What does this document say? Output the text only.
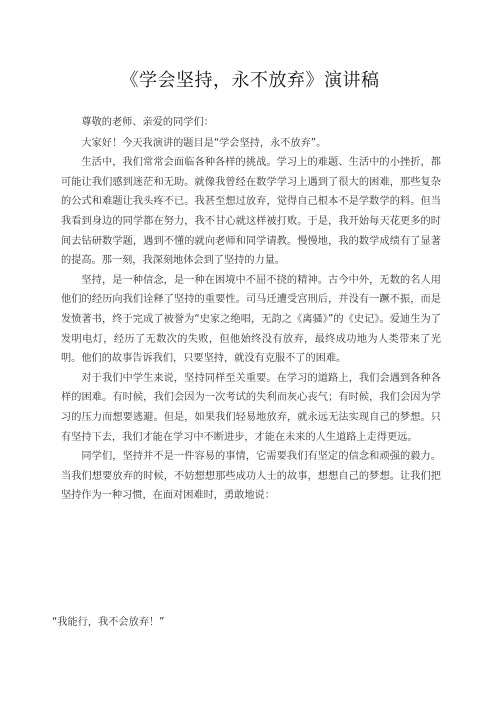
《学会坚持，永不放弃》演讲稿

尊敬的老师、亲爱的同学们：

大家好！今天我演讲的题目是“学会坚持，永不放弃”。

生活中，我们常常会面临各种各样的挑战。学习上的难题、生活中的小挫折，都可能让我们感到迷茫和无助。就像我曾经在数学学习上遇到了很大的困难，那些复杂的公式和难题让我头疼不已。我甚至想过放弃，觉得自己根本不是学数学的料。但当我看到身边的同学都在努力，我不甘心就这样被打败。于是，我开始每天花更多的时间去钻研数学题，遇到不懂的就向老师和同学请教。慢慢地，我的数学成绩有了显著的提高。那一刻，我深刻地体会到了坚持的力量。

坚持，是一种信念，是一种在困境中不屈不挠的精神。古今中外，无数的名人用他们的经历向我们诠释了坚持的重要性。司马迁遭受宫刑后，并没有一蹶不振，而是发愤著书，终于完成了被誉为“史家之绝唱，无韵之《离骚》”的《史记》。爱迪生为了发明电灯，经历了无数次的失败，但他始终没有放弃，最终成功地为人类带来了光明。他们的故事告诉我们，只要坚持，就没有克服不了的困难。

对于我们中学生来说，坚持同样至关重要。在学习的道路上，我们会遇到各种各样的困难。有时候，我们会因为一次考试的失利而灰心丧气；有时候，我们会因为学习的压力而想要逃避。但是，如果我们轻易地放弃，就永远无法实现自己的梦想。只有坚持下去，我们才能在学习中不断进步，才能在未来的人生道路上走得更远。

同学们，坚持并不是一件容易的事情，它需要我们有坚定的信念和顽强的毅力。当我们想要放弃的时候，不妨想想那些成功人士的故事，想想自己的梦想。让我们把坚持作为一种习惯，在面对困难时，勇敢地说：

“我能行，我不会放弃！”
